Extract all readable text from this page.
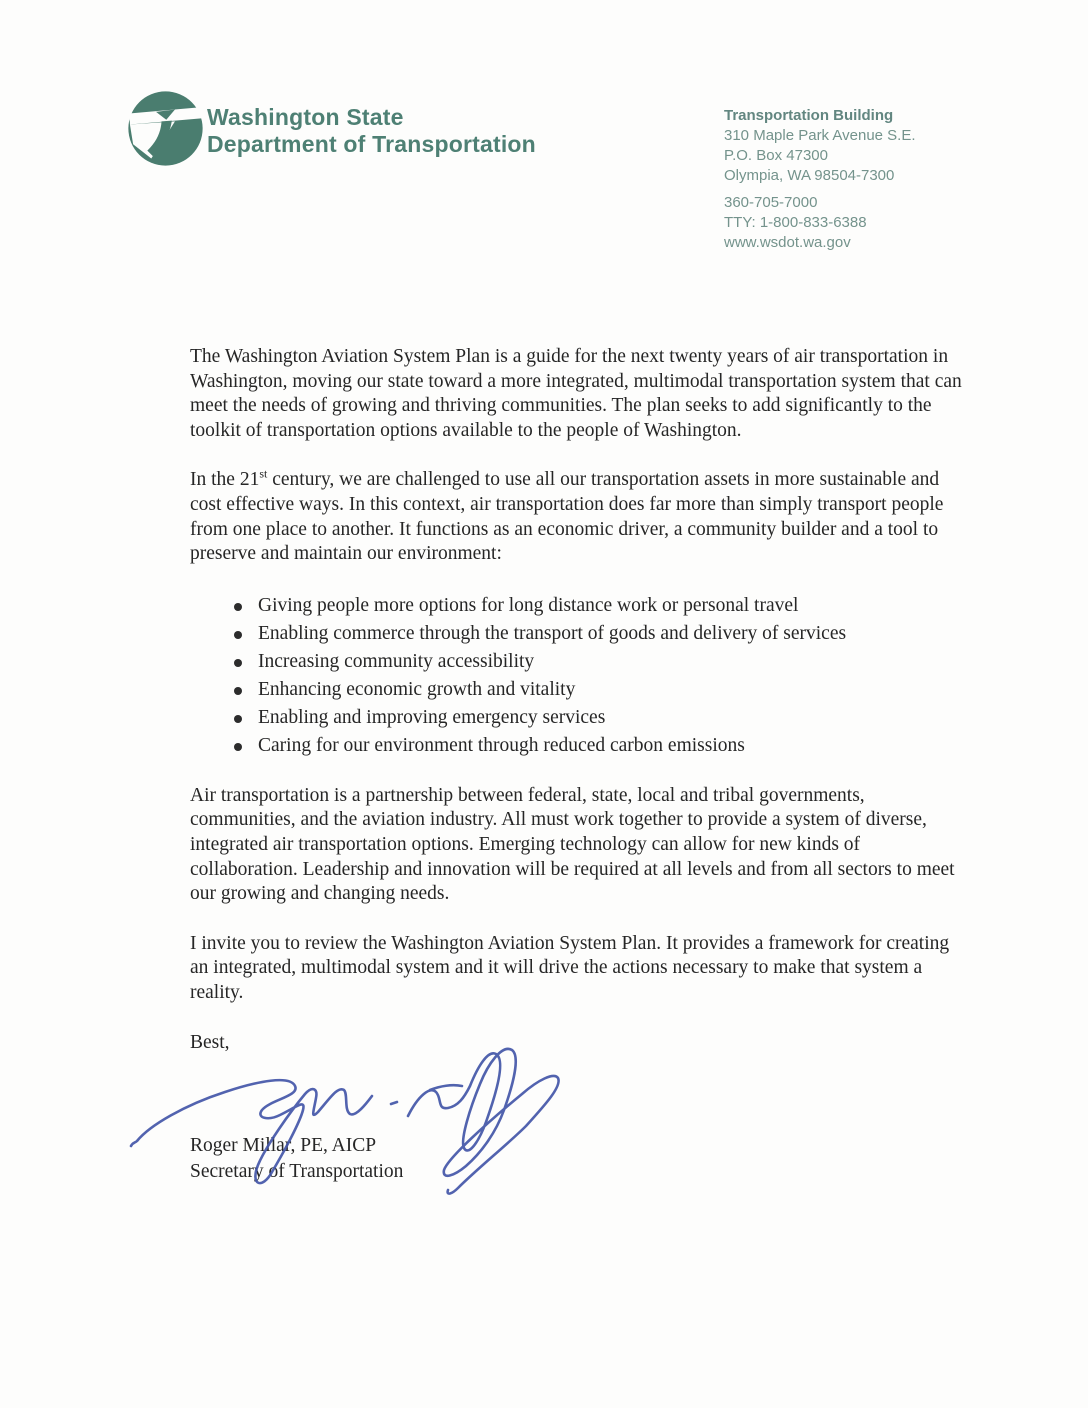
Washington State
Department of Transportation
Transportation Building
310 Maple Park Avenue S.E.
P.O. Box 47300
Olympia, WA 98504-7300
360-705-7000
TTY: 1-800-833-6388
www.wsdot.wa.gov

The Washington Aviation System Plan is a guide for the next twenty years of air transportation in Washington, moving our state toward a more integrated, multimodal transportation system that can meet the needs of growing and thriving communities. The plan seeks to add significantly to the toolkit of transportation options available to the people of Washington.

In the 21st century, we are challenged to use all our transportation assets in more sustainable and cost effective ways. In this context, air transportation does far more than simply transport people from one place to another. It functions as an economic driver, a community builder and a tool to preserve and maintain our environment:

Giving people more options for long distance work or personal travel
Enabling commerce through the transport of goods and delivery of services
Increasing community accessibility
Enhancing economic growth and vitality
Enabling and improving emergency services
Caring for our environment through reduced carbon emissions

Air transportation is a partnership between federal, state, local and tribal governments, communities, and the aviation industry. All must work together to provide a system of diverse, integrated air transportation options. Emerging technology can allow for new kinds of collaboration. Leadership and innovation will be required at all levels and from all sectors to meet our growing and changing needs.

I invite you to review the Washington Aviation System Plan. It provides a framework for creating an integrated, multimodal system and it will drive the actions necessary to make that system a reality.

Best,

Roger Millar, PE, AICP
Secretary of Transportation
